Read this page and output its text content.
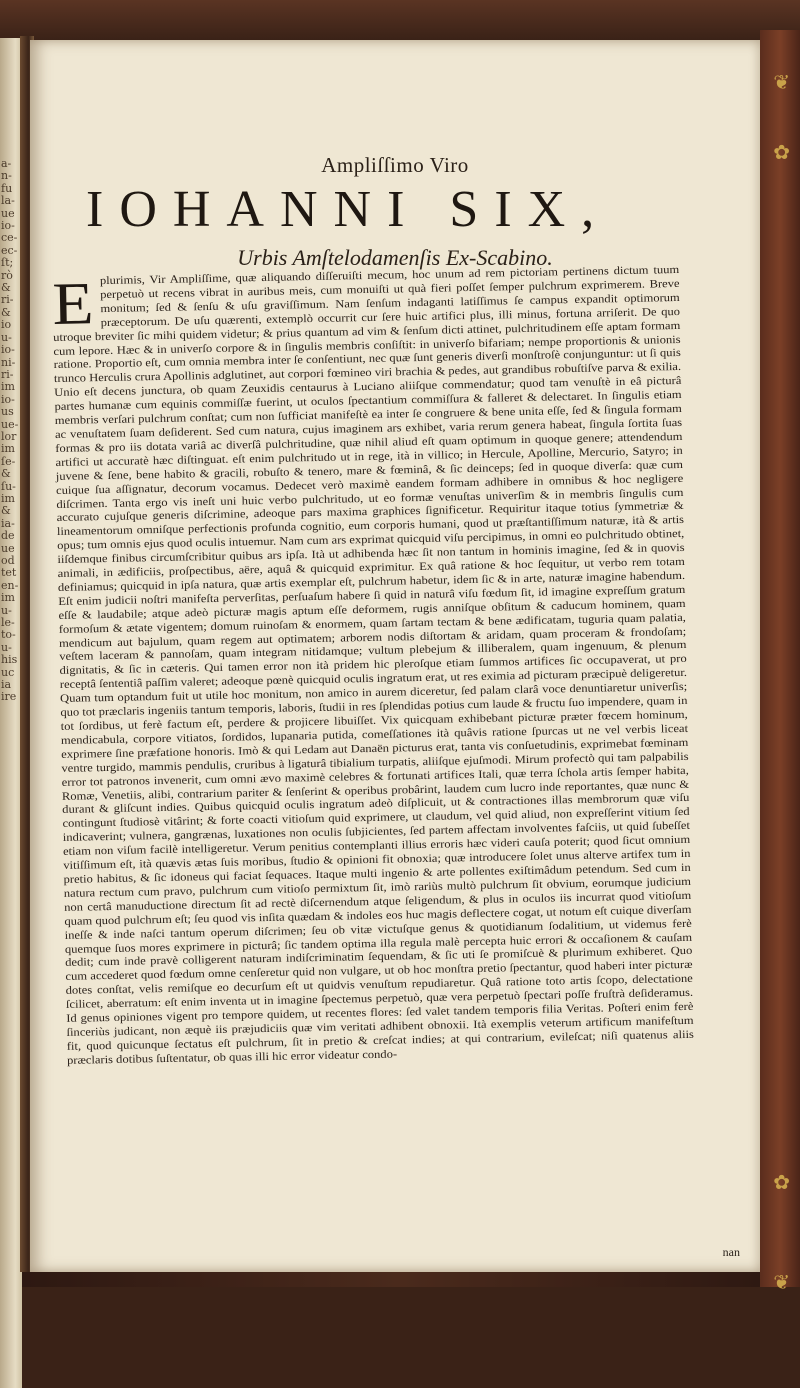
❦
✿
✿
❦
a-
n-
fu
la-
ue
io-
ce-
ec-
ſt;
rò
&
ri-
&
io
u-
io-
ni-
ri-
im
io-
us
ue-
lor
im
ſe-
&
ſu-
im
&
ia-
de
ue
od
tet
en-
im
u-
le-
to-
u-
his
uc
ia
ire
Ampliſſimo Viro
IOHANNI SIX,
Urbis Amſtelodamenſis Ex-Scabino.
E plurimis, Vir Ampliſſime, quæ aliquando diſſeruiſti mecum, hoc unum ad rem pictoriam pertinens dictum tuum perpetuò ut recens vibrat in auribus meis, cum monuiſti ut quà fieri poſſet ſemper pulchrum exprimerem. Breve monitum; ſed & ſenſu & uſu graviſſimum. Nam ſenſum indaganti latiſſimus ſe campus expandit optimorum præceptorum. De uſu quærenti, extemplò occurrit cur ſere huic artifici plus, illi minus, fortuna arriſerit. De quo utroque breviter ſic mihi quidem videtur; & prius quantum ad vim & ſenſum dicti attinet, pulchritudinem eſſe aptam formam cum lepore. Hæc & in univerſo corpore & in ſingulis membris conſiſtit: in univerſo bifariam; nempe proportionis & unionis ratione. Proportio eſt, cum omnia membra inter ſe conſentiunt, nec quæ ſunt generis diverſi monſtroſè conjunguntur: ut ſi quis trunco Herculis crura Apollinis adglutinet, aut corpori fœmineo viri brachia & pedes, aut grandibus robuſtiſve parva & exilia. Unio eſt decens junctura, ob quam Zeuxidis centaurus à Luciano aliiſque commendatur; quod tam venuſtè in eâ picturâ partes humanæ cum equinis commiſſæ fuerint, ut oculos ſpectantium commiſſura & falleret & delectaret. In ſingulis etiam membris verſari pulchrum conſtat; cum non ſufficiat manifeſtè ea inter ſe congruere & bene unita eſſe, ſed & ſingula formam ac venuſtatem ſuam deſiderent. Sed cum natura, cujus imaginem ars exhibet, varia rerum genera habeat, ſingula ſortita ſuas formas & pro iis dotata variâ ac diverſâ pulchritudine, quæ nihil aliud eſt quam optimum in quoque genere; attendendum artifici ut accuratè hæc diſtinguat. eſt enim pulchritudo ut in rege, ità in villico; in Hercule, Apolline, Mercurio, Satyro; in juvene & ſene, bene habito & gracili, robuſto & tenero, mare & fœminâ, & ſic deinceps; ſed in quoque diverſa: quæ cum cuique ſua aſſignatur, decorum vocamus. Dedecet verò maximè eandem formam adhibere in omnibus & hoc negligere diſcrimen. Tanta ergo vis ineſt uni huic verbo pulchritudo, ut eo formæ venuſtas univerſim & in membris ſingulis cum accurato cujuſque generis diſcrimine, adeoque pars maxima graphices ſignificetur. Requiritur itaque totius ſymmetriæ & lineamentorum omniſque perfectionis profunda cognitio, eum corporis humani, quod ut præſtantiſſimum naturæ, ità & artis opus; tum omnis ejus quod oculis intuemur. Nam cum ars exprimat quicquid viſu percipimus, in omni eo pulchritudo obtinet, iiſdemque finibus circumſcribitur quibus ars ipſa. Ità ut adhibenda hæc ſit non tantum in hominis imagine, ſed & in quovis animali, in ædificiis, proſpectibus, aëre, aquâ & quicquid exprimitur. Ex quâ ratione & hoc ſequitur, ut verbo rem totam definiamus; quicquid in ipſa natura, quæ artis exemplar eſt, pulchrum habetur, idem ſic & in arte, naturæ imagine habendum. Eſt enim judicii noſtri manifeſta perverſitas, perſuaſum habere ſi quid in naturâ viſu fœdum ſit, id imagine expreſſum gratum eſſe & laudabile; atque adeò picturæ magis aptum eſſe deformem, rugis anniſque obſitum & caducum hominem, quam formoſum & ætate vigentem; domum ruinoſam & enormem, quam ſartam tectam & bene ædificatam, tuguria quam palatia, mendicum aut bajulum, quam regem aut optimatem; arborem nodis diſtortam & aridam, quam proceram & frondoſam; veſtem laceram & pannoſam, quam integram nitidamque; vultum plebejum & illiberalem, quam ingenuum, & plenum dignitatis, & ſic in cæteris. Qui tamen error non ità pridem hic pleroſque etiam ſummos artifices ſic occupaverat, ut pro receptâ ſententiâ paſſim valeret; adeoque pœnè quicquid oculis ingratum erat, ut res eximia ad picturam præcipuè deligeretur. Quam tum optandum fuit ut utile hoc monitum, non amico in aurem diceretur, ſed palam clarâ voce denuntiaretur univerſis; quo tot præclaris ingeniis tantum temporis, laboris, ſtudii in res ſplendidas potius cum laude & fructu ſuo impendere, quam in tot ſordibus, ut ferè factum eſt, perdere & projicere libuiſſet. Vix quicquam exhibebant picturæ præter fœcem hominum, mendicabula, corpore vitiatos, ſordidos, lupanaria putida, comeſſationes ità quâvis ratione ſpurcas ut ne vel verbis liceat exprimere ſine præfatione honoris. Imò & qui Ledam aut Danaën picturus erat, tanta vis conſuetudinis, exprimebat fœminam ventre turgido, mammis pendulis, cruribus à ligaturâ tibialium turpatis, aliiſque ejuſmodi. Mirum profectò qui tam palpabilis error tot patronos invenerit, cum omni ævo maximè celebres & fortunati artifices Itali, quæ terra ſchola artis ſemper habita, Romæ, Venetiis, alibi, contrarium pariter & ſenſerint & operibus probârint, laudem cum lucro inde reportantes, quæ nunc & durant & gliſcunt indies. Quibus quicquid oculis ingratum adeò diſplicuit, ut & contractiones illas membrorum quæ viſu contingunt ſtudiosè vitârint; & forte coacti vitioſum quid exprimere, ut claudum, vel quid aliud, non expreſſerint vitium ſed indicaverint; vulnera, gangrænas, luxationes non oculis ſubjicientes, ſed partem affectam involventes faſciis, ut quid ſubeſſet etiam non viſum facilè intelligeretur. Verum penitius contemplanti illius erroris hæc videri cauſa poterit; quod ſicut omnium vitiſſimum eſt, ità quævis ætas ſuis moribus, ſtudio & opinioni fit obnoxia; quæ introducere ſolet unus alterve artifex tum in pretio habitus, & ſic idoneus qui faciat ſequaces. Itaque multi ingenio & arte pollentes exiſtimâdum petendum. Sed cum in natura rectum cum pravo, pulchrum cum vitioſo permixtum ſit, imò rariùs multò pulchrum ſit obvium, eorumque judicium non certâ manuductione directum ſit ad rectè diſcernendum atque ſeligendum, & plus in oculos iis incurrat quod vitioſum quam quod pulchrum eſt; ſeu quod vis inſita quædam & indoles eos huc magis deflectere cogat, ut notum eſt cuique diverſam ineſſe & inde naſci tantum operum diſcrimen; ſeu ob vitæ victuſque genus & quotidianum ſodalitium, ut videmus ferè quemque ſuos mores exprimere in picturâ; ſic tandem optima illa regula malè percepta huic errori & occaſionem & cauſam dedit; cum inde pravè colligerent naturam indiſcriminatim ſequendam, & ſic uti ſe promiſcuè & plurimum exhiberet. Quo cum accederet quod fœdum omne cenſeretur quid non vulgare, ut ob hoc monſtra pretio ſpectantur, quod haberi inter picturæ dotes conſtat, velis remiſque eo decurſum eſt ut quidvis venuſtum repudiaretur. Quâ ratione toto artis ſcopo, delectatione ſcilicet, aberratum: eſt enim inventa ut in imagine ſpectemus perpetuò, quæ vera perpetuò ſpectari poſſe fruſtrà deſideramus. Id genus opiniones vigent pro tempore quidem, ut recentes flores: ſed valet tandem temporis filia Veritas. Poſteri enim ferè ſinceriùs judicant, non æquè iis præjudiciis quæ vim veritati adhibent obnoxii. Ità exemplis veterum artificum manifeſtum fit, quod quicunque ſectatus eſt pulchrum, ſit in pretio & creſcat indies; at qui contrarium, evileſcat; niſi quatenus aliis præclaris dotibus ſuſtentatur, ob quas illi hic error videatur condo-

nan
